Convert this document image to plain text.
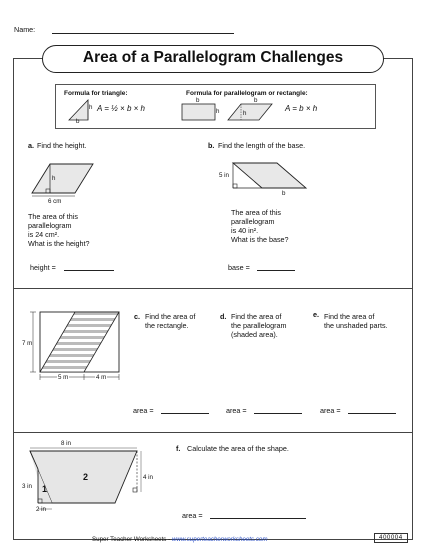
Name:
Area of a Parallelogram Challenges
Formula for triangle:	Formula for parallelogram or rectangle:
h
b
b
h
b
h
A = ½ × b × h	A = b × h
a. Find the height.
h
6 cm
The area of this
parallelogram
is 24 cm².
What is the height?
height =
b. Find the length of the base.
5 in
b
The area of this
parallelogram
is 40 in².
What is the base?
base =
7 m
5 m	4 m
c. Find the area of
the rectangle.
d. Find the area of
the parallelogram
(shaded area).
e. Find the area of
the unshaded parts.
area =	area =	area =
8 in
4 in
3 in
2 in
1
2
f. Calculate the area of the shape.
area =
Super Teacher Worksheets - www.superteacherworksheets.com	400004
